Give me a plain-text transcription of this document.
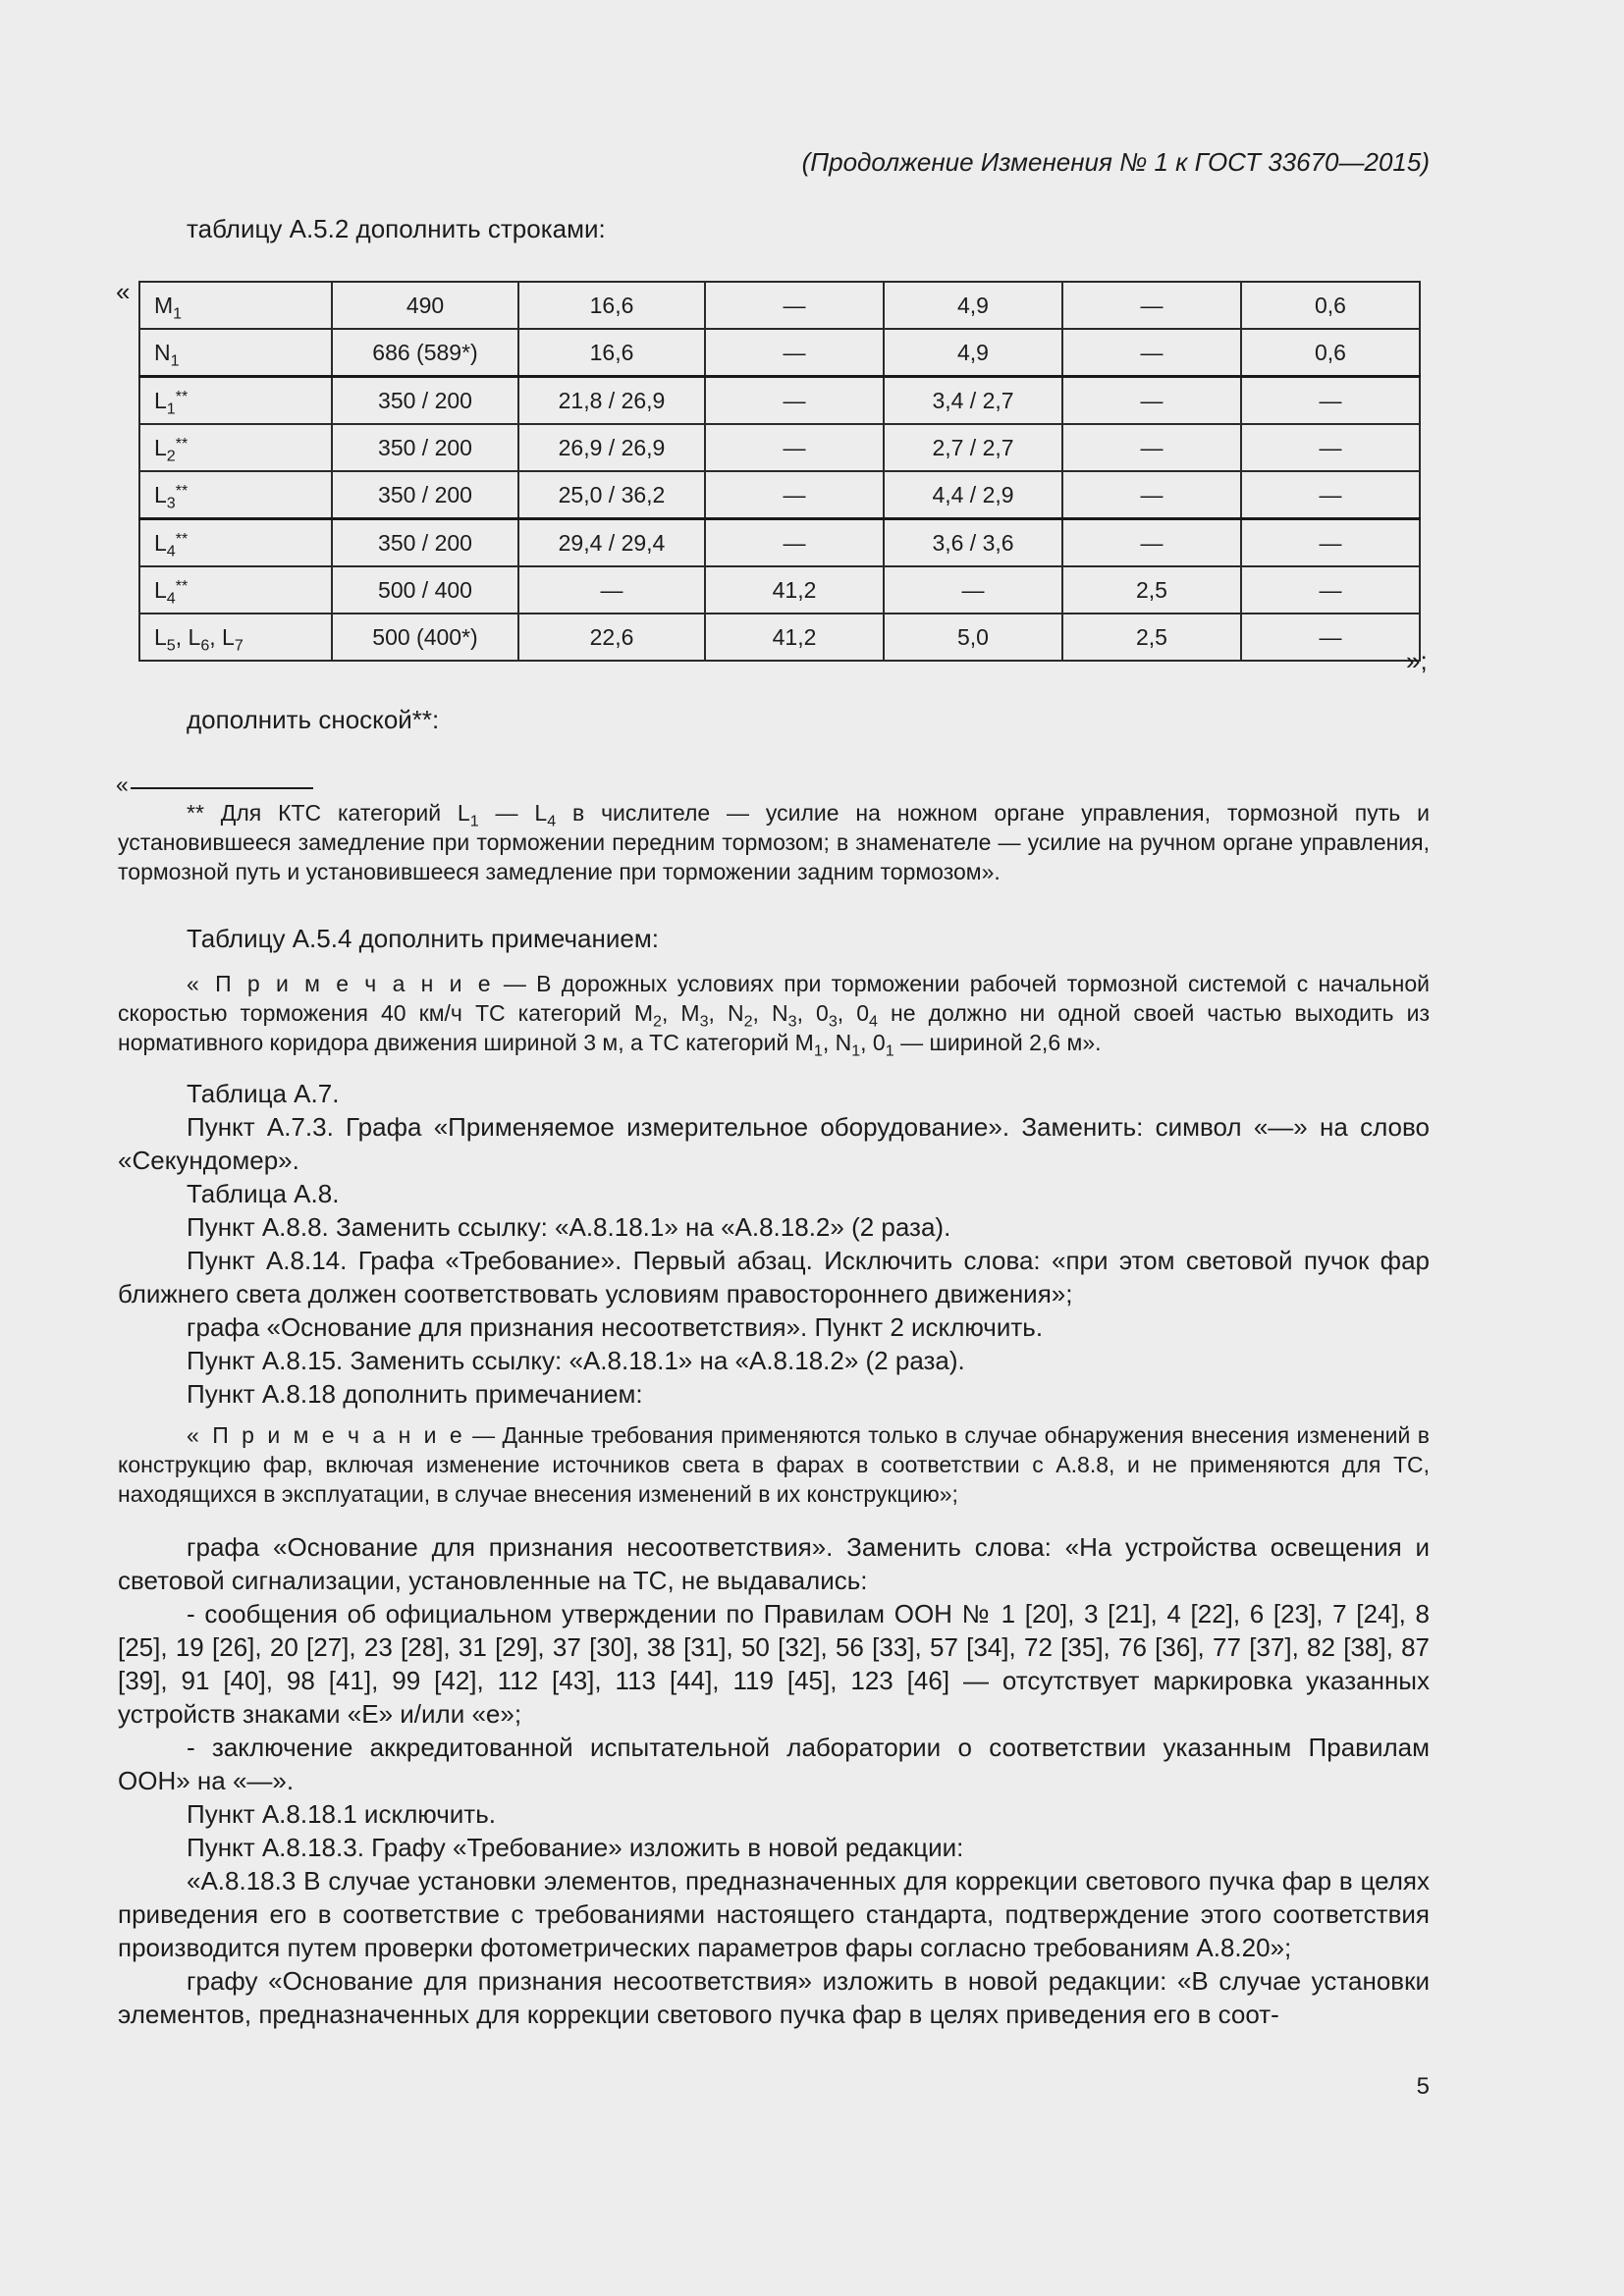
(Продолжение Изменения № 1 к ГОСТ 33670—2015)

таблицу А.5.2 дополнить строками:

« $M_1$	490	16,6	—	4,9	—	0,6
$N_1$	686 (589*)	16,6	—	4,9	—	0,6
$L_1^{**}$	350 / 200	21,8 / 26,9	—	3,4 / 2,7	—	—
$L_2^{**}$	350 / 200	26,9 / 26,9	—	2,7 / 2,7	—	—
$L_3^{**}$	350 / 200	25,0 / 36,2	—	4,4 / 2,9	—	—
$L_4^{**}$	350 / 200	29,4 / 29,4	—	3,6 / 3,6	—	—
$L_4^{**}$	500 / 400	—	41,2	—	2,5	—
$L_5$, $L_6$, $L_7$	500 (400*)	22,6	41,2	5,0	2,5	—
»;

дополнить сноской**:

«

** Для КТС категорий $L_1$ — $L_4$ в числителе — усилие на ножном органе управления, тормозной путь и установившееся замедление при торможении передним тормозом; в знаменателе — усилие на ручном органе управления, тормозной путь и установившееся замедление при торможении задним тормозом».

Таблицу А.5.4 дополнить примечанием:

« П р и м е ч а н и е — В дорожных условиях при торможении рабочей тормозной системой с начальной скоростью торможения 40 км/ч ТС категорий $M_2$, $M_3$, $N_2$, $N_3$, $0_3$, $0_4$ не должно ни одной своей частью выходить из нормативного коридора движения шириной 3 м, а ТС категорий $M_1$, $N_1$, $0_1$ — шириной 2,6 м».

Таблица А.7.

Пункт А.7.3. Графа «Применяемое измерительное оборудование». Заменить: символ «—» на слово «Секундомер».

Таблица А.8.

Пункт А.8.8. Заменить ссылку: «А.8.18.1» на «А.8.18.2» (2 раза).

Пункт А.8.14. Графа «Требование». Первый абзац. Исключить слова: «при этом световой пучок фар ближнего света должен соответствовать условиям правостороннего движения»;

графа «Основание для признания несоответствия». Пункт 2 исключить.

Пункт А.8.15. Заменить ссылку: «А.8.18.1» на «А.8.18.2» (2 раза).

Пункт А.8.18 дополнить примечанием:

« П р и м е ч а н и е — Данные требования применяются только в случае обнаружения внесения изменений в конструкцию фар, включая изменение источников света в фарах в соответствии с А.8.8, и не применяются для ТС, находящихся в эксплуатации, в случае внесения изменений в их конструкцию»;

графа «Основание для признания несоответствия». Заменить слова: «На устройства освещения и световой сигнализации, установленные на ТС, не выдавались:

- сообщения об официальном утверждении по Правилам ООН № 1 [20], 3 [21], 4 [22], 6 [23], 7 [24], 8 [25], 19 [26], 20 [27], 23 [28], 31 [29], 37 [30], 38 [31], 50 [32], 56 [33], 57 [34], 72 [35], 76 [36], 77 [37], 82 [38], 87 [39], 91 [40], 98 [41], 99 [42], 112 [43], 113 [44], 119 [45], 123 [46] — отсутствует маркировка указанных устройств знаками «Е» и/или «е»;

- заключение аккредитованной испытательной лаборатории о соответствии указанным Правилам ООН» на «—».

Пункт А.8.18.1 исключить.

Пункт А.8.18.3. Графу «Требование» изложить в новой редакции:

«А.8.18.3 В случае установки элементов, предназначенных для коррекции светового пучка фар в целях приведения его в соответствие с требованиями настоящего стандарта, подтверждение этого соответствия производится путем проверки фотометрических параметров фары согласно требованиям А.8.20»;

графу «Основание для признания несоответствия» изложить в новой редакции: «В случае установки элементов, предназначенных для коррекции светового пучка фар в целях приведения его в соот-

5
